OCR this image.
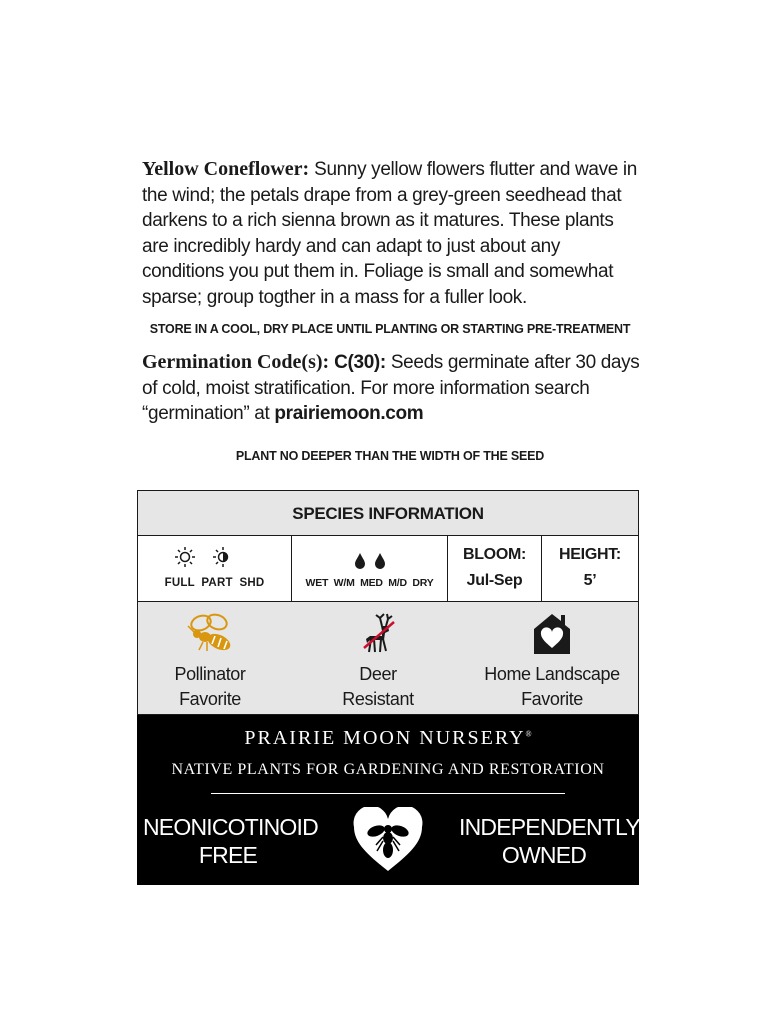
Yellow Coneflower: Sunny yellow flowers flutter and wave in the wind; the petals drape from a grey-green seedhead that darkens to a rich sienna brown as it matures. These plants are incredibly hardy and can adapt to just about any conditions you put them in. Foliage is small and somewhat sparse; group togther in a mass for a fuller look.
STORE IN A COOL, DRY PLACE UNTIL PLANTING OR STARTING PRE-TREATMENT
Germination Code(s): C(30): Seeds germinate after 30 days of cold, moist stratification. For more information search “germination” at prairiemoon.com
PLANT NO DEEPER THAN THE WIDTH OF THE SEED
SPECIES INFORMATION
FULL  PART  SHD	WET  W/M  MED  M/D  DRY
BLOOM:
Jul-Sep
HEIGHT:
5’
Pollinator
Favorite
Deer
Resistant
Home Landscape
Favorite
PRAIRIE MOON NURSERY®
NATIVE PLANTS FOR GARDENING AND RESTORATION
NEONICOTINOID
FREE
INDEPENDENTLY
OWNED
